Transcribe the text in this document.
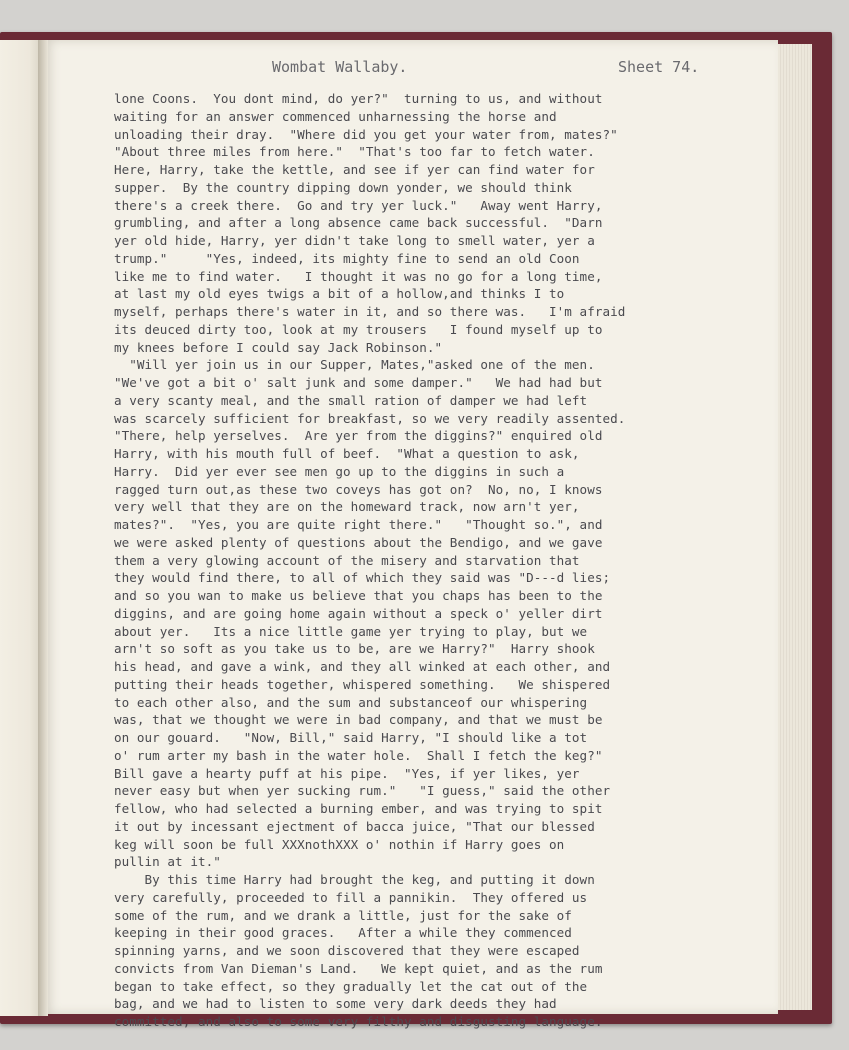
Wombat Wallaby.	Sheet 74.
lone Coons.  You dont mind, do yer?"  turning to us, and without
waiting for an answer commenced unharnessing the horse and
unloading their dray.  "Where did you get your water from, mates?"
"About three miles from here."  "That's too far to fetch water.
Here, Harry, take the kettle, and see if yer can find water for
supper.  By the country dipping down yonder, we should think
there's a creek there.  Go and try yer luck."   Away went Harry,
grumbling, and after a long absence came back successful.  "Darn
yer old hide, Harry, yer didn't take long to smell water, yer a
trump."     "Yes, indeed, its mighty fine to send an old Coon
like me to find water.   I thought it was no go for a long time,
at last my old eyes twigs a bit of a hollow,and thinks I to
myself, perhaps there's water in it, and so there was.   I'm afraid
its deuced dirty too, look at my trousers   I found myself up to
my knees before I could say Jack Robinson."
"Will yer join us in our Supper, Mates,"asked one of the men.
"We've got a bit o' salt junk and some damper."   We had had but
a very scanty meal, and the small ration of damper we had left
was scarcely sufficient for breakfast, so we very readily assented.
"There, help yerselves.  Are yer from the diggins?" enquired old
Harry, with his mouth full of beef.  "What a question to ask,
Harry.  Did yer ever see men go up to the diggins in such a
ragged turn out,as these two coveys has got on?  No, no, I knows
very well that they are on the homeward track, now arn't yer,
mates?".  "Yes, you are quite right there."   "Thought so.", and
we were asked plenty of questions about the Bendigo, and we gave
them a very glowing account of the misery and starvation that
they would find there, to all of which they said was "D---d lies;
and so you wan to make us believe that you chaps has been to the
diggins, and are going home again without a speck o' yeller dirt
about yer.   Its a nice little game yer trying to play, but we
arn't so soft as you take us to be, are we Harry?"  Harry shook
his head, and gave a wink, and they all winked at each other, and
putting their heads together, whispered something.   We shispered
to each other also, and the sum and substanceof our whispering
was, that we thought we were in bad company, and that we must be
on our gouard.   "Now, Bill," said Harry, "I should like a tot
o' rum arter my bash in the water hole.  Shall I fetch the keg?"
Bill gave a hearty puff at his pipe.  "Yes, if yer likes, yer
never easy but when yer sucking rum."   "I guess," said the other
fellow, who had selected a burning ember, and was trying to spit
it out by incessant ejectment of bacca juice, "That our blessed
keg will soon be full XXXnothXXX o' nothin if Harry goes on
pullin at it."
By this time Harry had brought the keg, and putting it down
very carefully, proceeded to fill a pannikin.  They offered us
some of the rum, and we drank a little, just for the sake of
keeping in their good graces.   After a while they commenced
spinning yarns, and we soon discovered that they were escaped
convicts from Van Dieman's Land.   We kept quiet, and as the rum
began to take effect, so they gradually let the cat out of the
bag, and we had to listen to some very dark deeds they had
committed, and also to some very filthy and disgusting language.
